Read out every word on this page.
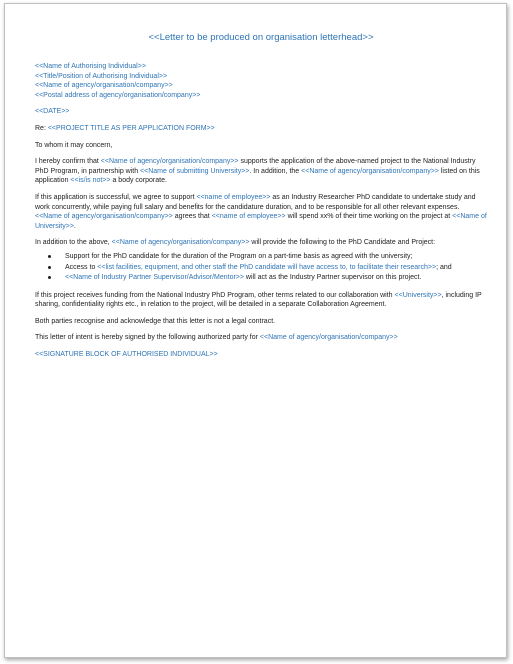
<<Letter to be produced on organisation letterhead>>
<<Name of Authorising Individual>>
<<Title/Position of Authorising Individual>>
<<Name of agency/organisation/company>>
<<Postal address of agency/organisation/company>>
<<DATE>>
Re: <<PROJECT TITLE AS PER APPLICATION FORM>>
To whom it may concern,
I hereby confirm that <<Name of agency/organisation/company>> supports the application of the above-named project to the National Industry PhD Program, in partnership with <<Name of submitting University>>. In addition, the <<Name of agency/organisation/company>> listed on this application <<is/is not>> a body corporate.
If this application is successful, we agree to support <<name of employee>> as an Industry Researcher PhD candidate to undertake study and work concurrently, while paying full salary and benefits for the candidature duration, and to be responsible for all other relevant expenses. <<Name of agency/organisation/company>> agrees that <<name of employee>> will spend xx% of their time working on the project at <<Name of University>>.
In addition to the above, <<Name of agency/organisation/company>> will provide the following to the PhD Candidate and Project:
Support for the PhD candidate for the duration of the Program on a part-time basis as agreed with the university;
Access to <<list facilities, equipment, and other staff the PhD candidate will have access to, to facilitate their research>>; and
<<Name of Industry Partner Supervisor/Advisor/Mentor>> will act as the Industry Partner supervisor on this project.
If this project receives funding from the National Industry PhD Program, other terms related to our collaboration with <<University>>, including IP sharing, confidentiality rights etc., in relation to the project, will be detailed in a separate Collaboration Agreement.
Both parties recognise and acknowledge that this letter is not a legal contract.
This letter of intent is hereby signed by the following authorized party for <<Name of agency/organisation/company>>
<<SIGNATURE BLOCK OF AUTHORISED INDIVIDUAL>>
